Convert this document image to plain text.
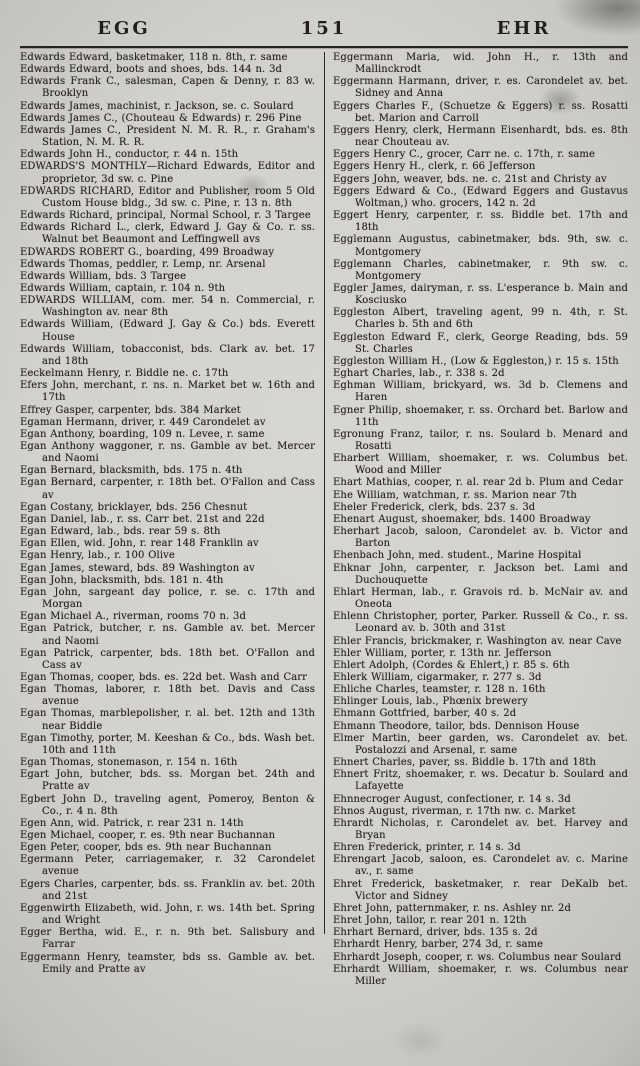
EGG	151	EHR
Edwards Edward, basketmaker, 118 n. 8th, r. same
Edwards Edward, boots and shoes, bds. 144 n. 3d
Edwards Frank C., salesman, Capen & Denny, r. 83 w. Brooklyn
Edwards James, machinist, r. Jackson, se. c. Soulard
Edwards James C., (Chouteau & Edwards) r. 296 Pine
Edwards James C., President N. M. R. R., r. Graham's Station, N. M. R. R.
Edwards John H., conductor, r. 44 n. 15th
EDWARDS'S MONTHLY—Richard Edwards, Editor and proprietor, 3d sw. c. Pine
EDWARDS RICHARD, Editor and Publisher, room 5 Old Custom House bldg., 3d sw. c. Pine, r. 13 n. 8th
Edwards Richard, principal, Normal School, r. 3 Targee
Edwards Richard L., clerk, Edward J. Gay & Co. r. ss. Walnut bet Beaumont and Leffingwell avs
EDWARDS ROBERT G., boarding, 499 Broadway
Edwards Thomas, peddler, r. Lemp, nr. Arsenal
Edwards William, bds. 3 Targee
Edwards William, captain, r. 104 n. 9th
EDWARDS WILLIAM, com. mer. 54 n. Commercial, r. Washington av. near 8th
Edwards William, (Edward J. Gay & Co.) bds. Everett House
Edwards William, tobacconist, bds. Clark av. bet. 17 and 18th
Eeckelmann Henry, r. Biddle ne. c. 17th
Efers John, merchant, r. ns. n. Market bet w. 16th and 17th
Effrey Gasper, carpenter, bds. 384 Market
Egaman Hermann, driver, r. 449 Carondelet av
Egan Anthony, boarding, 109 n. Levee, r. same
Egan Anthony waggoner, r. ns. Gamble av bet. Mercer and Naomi
Egan Bernard, blacksmith, bds. 175 n. 4th
Egan Bernard, carpenter, r. 18th bet. O'Fallon and Cass av
Egan Costany, bricklayer, bds. 256 Chesnut
Egan Daniel, lab., r. ss. Carr bet. 21st and 22d
Egan Edward, lab., bds. rear 59 s. 8th
Egan Ellen, wid. John, r. rear 148 Franklin av
Egan Henry, lab., r. 100 Olive
Egan James, steward, bds. 89 Washington av
Egan John, blacksmith, bds. 181 n. 4th
Egan John, sargeant day police, r. se. c. 17th and Morgan
Egan Michael A., riverman, rooms 70 n. 3d
Egan Patrick, butcher, r. ns. Gamble av. bet. Mercer and Naomi
Egan Patrick, carpenter, bds. 18th bet. O'Fallon and Cass av
Egan Thomas, cooper, bds. es. 22d bet. Wash and Carr
Egan Thomas, laborer, r. 18th bet. Davis and Cass avenue
Egan Thomas, marblepolisher, r. al. bet. 12th and 13th near Biddle
Egan Timothy, porter, M. Keeshan & Co., bds. Wash bet. 10th and 11th
Egan Thomas, stonemason, r. 154 n. 16th
Egart John, butcher, bds. ss. Morgan bet. 24th and Pratte av
Egbert John D., traveling agent, Pomeroy, Benton & Co., r. 4 n. 8th
Egen Ann, wid. Patrick, r. rear 231 n. 14th
Egen Michael, cooper, r. es. 9th near Buchannan
Egen Peter, cooper, bds es. 9th near Buchannan
Egermann Peter, carriagemaker, r. 32 Carondelet avenue
Egers Charles, carpenter, bds. ss. Franklin av. bet. 20th and 21st
Eggenwirth Elizabeth, wid. John, r. ws. 14th bet. Spring and Wright
Egger Bertha, wid. E., r. n. 9th bet. Salisbury and Farrar
Eggermann Henry, teamster, bds ss. Gamble av. bet. Emily and Pratte av
Eggermann Maria, wid. John H., r. 13th and Mallinckrodt
Eggermann Harmann, driver, r. es. Carondelet av. bet. Sidney and Anna
Eggers Charles F., (Schuetze & Eggers) r. ss. Rosatti bet. Marion and Carroll
Eggers Henry, clerk, Hermann Eisenhardt, bds. es. 8th near Chouteau av.
Eggers Henry C., grocer, Carr ne. c. 17th, r. same
Eggers Henry H., clerk, r. 66 Jefferson
Eggers John, weaver, bds. ne. c. 21st and Christy av
Eggers Edward & Co., (Edward Eggers and Gustavus Woltman,) who. grocers, 142 n. 2d
Eggert Henry, carpenter, r. ss. Biddle bet. 17th and 18th
Egglemann Augustus, cabinetmaker, bds. 9th, sw. c. Montgomery
Egglemann Charles, cabinetmaker, r. 9th sw. c. Montgomery
Eggler James, dairyman, r. ss. L'esperance b. Main and Kosciusko
Eggleston Albert, traveling agent, 99 n. 4th, r. St. Charles b. 5th and 6th
Eggleston Edward F., clerk, George Reading, bds. 59 St. Charles
Eggleston William H., (Low & Eggleston,) r. 15 s. 15th
Eghart Charles, lab., r. 338 s. 2d
Eghman William, brickyard, ws. 3d b. Clemens and Haren
Egner Philip, shoemaker, r. ss. Orchard bet. Barlow and 11th
Egronung Franz, tailor, r. ns. Soulard b. Menard and Rosatti
Eharbert William, shoemaker, r. ws. Columbus bet. Wood and Miller
Ehart Mathias, cooper, r. al. rear 2d b. Plum and Cedar
Ehe William, watchman, r. ss. Marion near 7th
Eheler Frederick, clerk, bds. 237 s. 3d
Ehenart August, shoemaker, bds. 1400 Broadway
Eherhart Jacob, saloon, Carondelet av. b. Victor and Barton
Ehenbach John, med. student., Marine Hospital
Ehknar John, carpenter, r. Jackson bet. Lami and Duchouquette
Ehlart Herman, lab., r. Gravois rd. b. McNair av. and Oneota
Ehlenn Christopher, porter, Parker. Russell & Co., r. ss. Leonard av. b. 30th and 31st
Ehler Francis, brickmaker, r. Washington av. near Cave
Ehler William, porter, r. 13th nr. Jefferson
Ehlert Adolph, (Cordes & Ehlert,) r. 85 s. 6th
Ehlerk William, cigarmaker, r. 277 s. 3d
Ehliche Charles, teamster, r. 128 n. 16th
Ehlinger Louis, lab., Phœnix brewery
Ehmann Gottfried, barber, 40 s. 2d
Ehmann Theodore, tailor, bds. Dennison House
Elmer Martin, beer garden, ws. Carondelet av. bet. Postalozzi and Arsenal, r. same
Ehnert Charles, paver, ss. Biddle b. 17th and 18th
Ehnert Fritz, shoemaker, r. ws. Decatur b. Soulard and Lafayette
Ehnnecroger August, confectioner, r. 14 s. 3d
Ehnos August, riverman, r. 17th nw. c. Market
Ehrardt Nicholas, r. Carondelet av. bet. Harvey and Bryan
Ehren Frederick, printer, r. 14 s. 3d
Ehrengart Jacob, saloon, es. Carondelet av. c. Marine av., r. same
Ehret Frederick, basketmaker, r. rear DeKalb bet. Victor and Sidney
Ehret John, patternmaker, r. ns. Ashley nr. 2d
Ehret John, tailor, r. rear 201 n. 12th
Ehrhart Bernard, driver, bds. 135 s. 2d
Ehrhardt Henry, barber, 274 3d, r. same
Ehrhardt Joseph, cooper, r. ws. Columbus near Soulard
Ehrhardt William, shoemaker, r. ws. Columbus near Miller
